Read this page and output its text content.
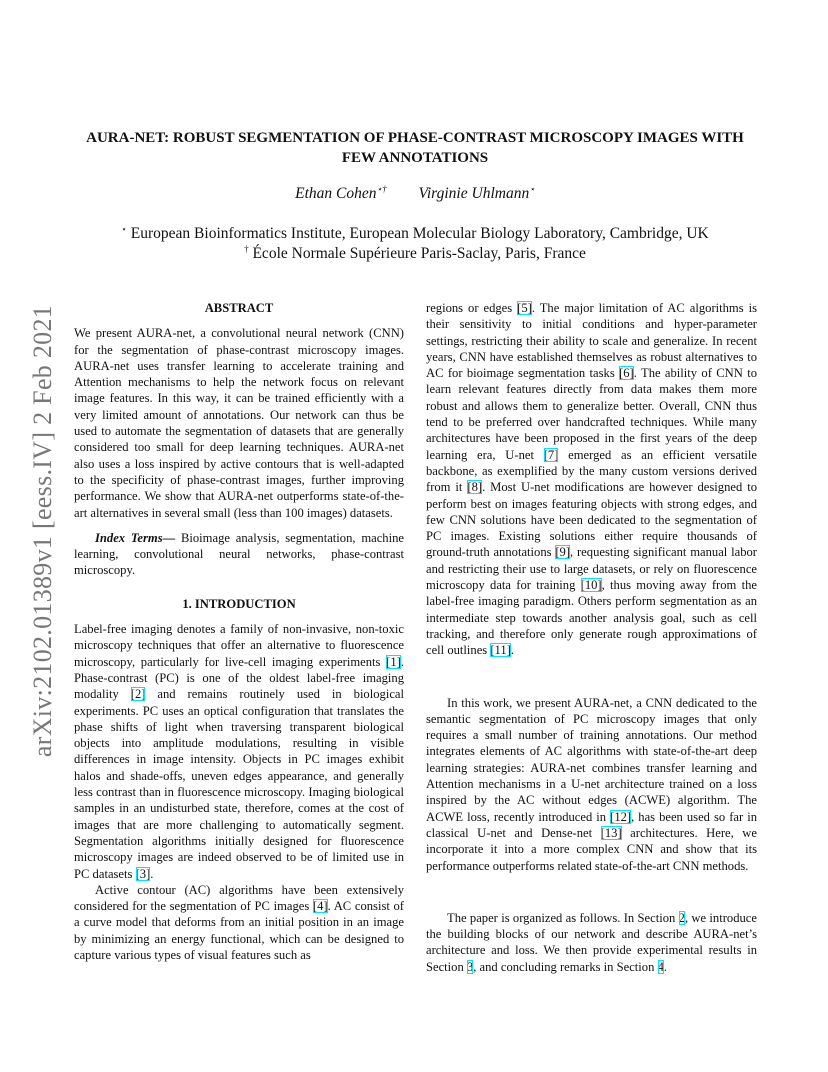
arXiv:2102.01389v1 [eess.IV] 2 Feb 2021
AURA-NET: ROBUST SEGMENTATION OF PHASE-CONTRAST MICROSCOPY IMAGES WITH FEW ANNOTATIONS
Ethan Cohen⋆† Virginie Uhlmann⋆
⋆ European Bioinformatics Institute, European Molecular Biology Laboratory, Cambridge, UK
† École Normale Supérieure Paris-Saclay, Paris, France
ABSTRACT

We present AURA-net, a convolutional neural network (CNN) for the segmentation of phase-contrast microscopy images. AURA-net uses transfer learning to accelerate training and Attention mechanisms to help the network focus on relevant image features. In this way, it can be trained efficiently with a very limited amount of annotations. Our network can thus be used to automate the segmentation of datasets that are generally considered too small for deep learning techniques. AURA-net also uses a loss inspired by active contours that is well-adapted to the specificity of phase-contrast images, further improving performance. We show that AURA-net outperforms state-of-the-art alternatives in several small (less than 100 images) datasets.

Index Terms— Bioimage analysis, segmentation, machine learning, convolutional neural networks, phase-contrast microscopy.

1. INTRODUCTION

Label-free imaging denotes a family of non-invasive, non-toxic microscopy techniques that offer an alternative to fluorescence microscopy, particularly for live-cell imaging experiments [1]. Phase-contrast (PC) is one of the oldest label-free imaging modality [2] and remains routinely used in biological experiments. PC uses an optical configuration that translates the phase shifts of light when traversing transparent biological objects into amplitude modulations, resulting in visible differences in image intensity. Objects in PC images exhibit halos and shade-offs, uneven edges appearance, and generally less contrast than in fluorescence microscopy. Imaging biological samples in an undisturbed state, therefore, comes at the cost of images that are more challenging to automatically segment. Segmentation algorithms initially designed for fluorescence microscopy images are indeed observed to be of limited use in PC datasets [3].

Active contour (AC) algorithms have been extensively considered for the segmentation of PC images [4]. AC consist of a curve model that deforms from an initial position in an image by minimizing an energy functional, which can be designed to capture various types of visual features such as

regions or edges [5]. The major limitation of AC algorithms is their sensitivity to initial conditions and hyper-parameter settings, restricting their ability to scale and generalize. In recent years, CNN have established themselves as robust alternatives to AC for bioimage segmentation tasks [6]. The ability of CNN to learn relevant features directly from data makes them more robust and allows them to generalize better. Overall, CNN thus tend to be preferred over handcrafted techniques. While many architectures have been proposed in the first years of the deep learning era, U-net [7] emerged as an efficient versatile backbone, as exemplified by the many custom versions derived from it [8]. Most U-net modifications are however designed to perform best on images featuring objects with strong edges, and few CNN solutions have been dedicated to the segmentation of PC images. Existing solutions either require thousands of ground-truth annotations [9], requesting significant manual labor and restricting their use to large datasets, or rely on fluorescence microscopy data for training [10], thus moving away from the label-free imaging paradigm. Others perform segmentation as an intermediate step towards another analysis goal, such as cell tracking, and therefore only generate rough approximations of cell outlines [11].

In this work, we present AURA-net, a CNN dedicated to the semantic segmentation of PC microscopy images that only requires a small number of training annotations. Our method integrates elements of AC algorithms with state-of-the-art deep learning strategies: AURA-net combines transfer learning and Attention mechanisms in a U-net architecture trained on a loss inspired by the AC without edges (ACWE) algorithm. The ACWE loss, recently introduced in [12], has been used so far in classical U-net and Dense-net [13] architectures. Here, we incorporate it into a more complex CNN and show that its performance outperforms related state-of-the-art CNN methods.

The paper is organized as follows. In Section 2, we introduce the building blocks of our network and describe AURA-net’s architecture and loss. We then provide experimental results in Section 3, and concluding remarks in Section 4.
